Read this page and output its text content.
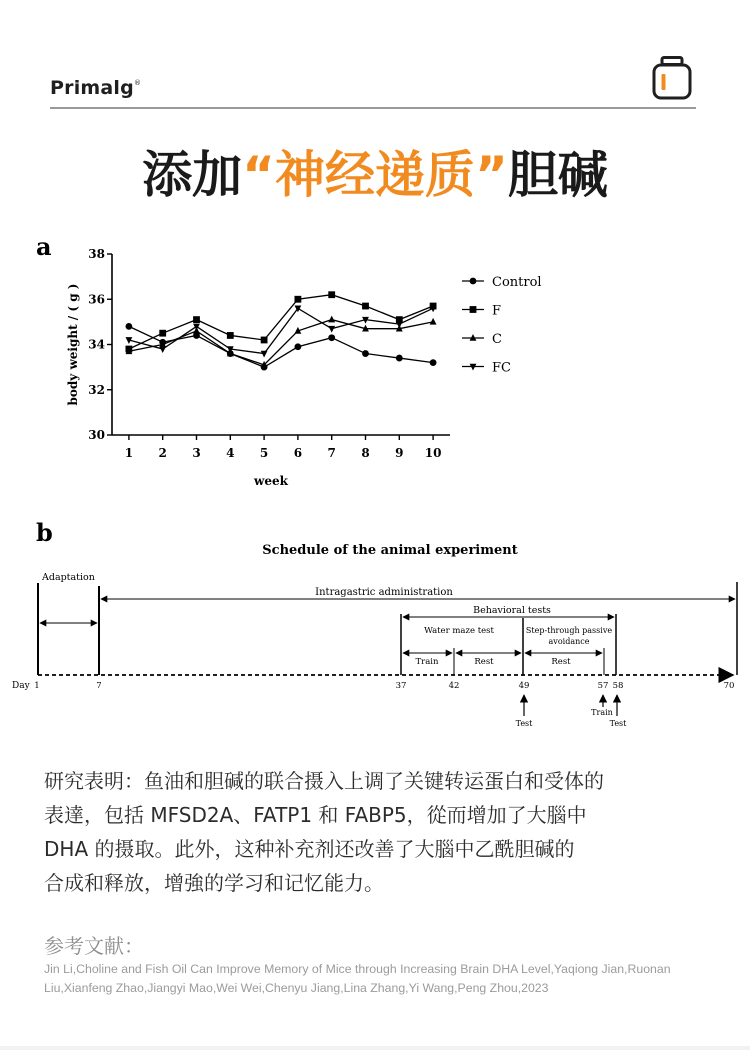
Primalg®
添加“神经递质”胆碱
a
30
32
34
36
38
1 2 3 4 5 6 7 8 9 10
week
body weight / ( g )
Control
F
C
FC
b
Schedule of the animal experiment
Adaptation
Intragastric administration
Behavioral tests
Water maze test	Step-through passive
avoidance
Train	Rest	Rest
Day 1	7	37	42	49	57 58	70
Test
Train
Test
研究表明：鱼油和胆碱的联合摄入上调了关键转运蛋白和受体的
表達，包括 MFSD2A、FATP1 和 FABP5，從而增加了大腦中
DHA 的摄取。此外，这种补充剂还改善了大腦中乙酰胆碱的
合成和释放，增強的学习和记忆能力。
参考文献：
Jin Li,Choline and Fish Oil Can Improve Memory of Mice through Increasing Brain DHA Level,Yaqiong Jian,Ruonan
Liu,Xianfeng Zhao,Jiangyi Mao,Wei Wei,Chenyu Jiang,Lina Zhang,Yi Wang,Peng Zhou,2023
